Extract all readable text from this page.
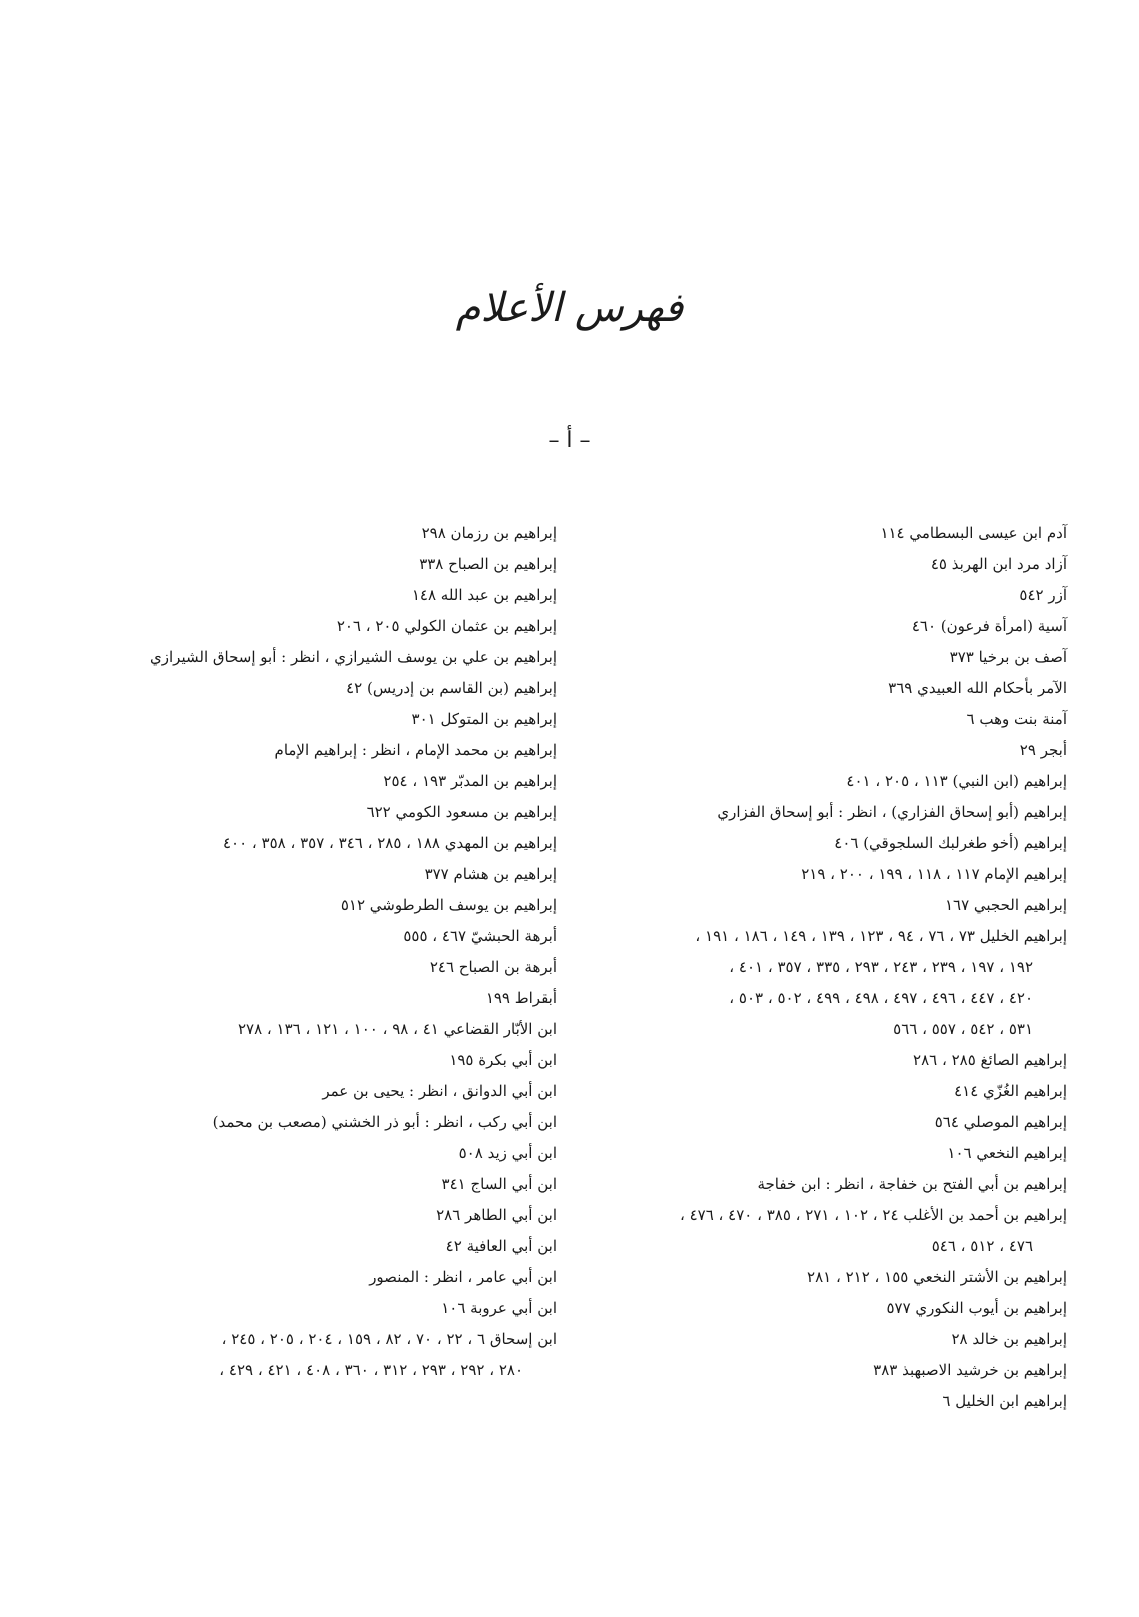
فهرس الأعلام
– أ –
آدم ابن عيسى البسطامي ١١٤
آزاد مرد ابن الهربذ ٤٥
آزر ٥٤٢
آسية (امرأة فرعون) ٤٦٠
آصف بن برخيا ٣٧٣
الآمر بأحكام الله العبيدي ٣٦٩
آمنة بنت وهب ٦
أبجر ٢٩
إبراهيم (ابن النبي) ١١٣ ، ٢٠٥ ، ٤٠١
إبراهيم (أبو إسحاق الفزاري) ، انظر : أبو إسحاق الفزاري
إبراهيم (أخو طغرلبك السلجوقي) ٤٠٦
إبراهيم الإمام ١١٧ ، ١١٨ ، ١٩٩ ، ٢٠٠ ، ٢١٩
إبراهيم الحجبي ١٦٧
إبراهيم الخليل ٧٣ ، ٧٦ ، ٩٤ ، ١٢٣ ، ١٣٩ ، ١٤٩ ، ١٨٦ ، ١٩١ ،
١٩٢ ، ١٩٧ ، ٢٣٩ ، ٢٤٣ ، ٢٩٣ ، ٣٣٥ ، ٣٥٧ ، ٤٠١ ،
٤٢٠ ، ٤٤٧ ، ٤٩٦ ، ٤٩٧ ، ٤٩٨ ، ٤٩٩ ، ٥٠٢ ، ٥٠٣ ،
٥٣١ ، ٥٤٢ ، ٥٥٧ ، ٥٦٦
إبراهيم الصائغ ٢٨٥ ، ٢٨٦
إبراهيم الغُزّي ٤١٤
إبراهيم الموصلي ٥٦٤
إبراهيم النخعي ١٠٦
إبراهيم بن أبي الفتح بن خفاجة ، انظر : ابن خفاجة
إبراهيم بن أحمد بن الأغلب ٢٤ ، ١٠٢ ، ٢٧١ ، ٣٨٥ ، ٤٧٠ ، ٤٧٦ ،
٤٧٦ ، ٥١٢ ، ٥٤٦
إبراهيم بن الأشتر النخعي ١٥٥ ، ٢١٢ ، ٢٨١
إبراهيم بن أيوب النكوري ٥٧٧
إبراهيم بن خالد ٢٨
إبراهيم بن خرشيد الاصبهبذ ٣٨٣
إبراهيم ابن الخليل ٦
إبراهيم بن رزمان ٢٩٨
إبراهيم بن الصباح ٣٣٨
إبراهيم بن عبد الله ١٤٨
إبراهيم بن عثمان الكولي ٢٠٥ ، ٢٠٦
إبراهيم بن علي بن يوسف الشيرازي ، انظر : أبو إسحاق الشيرازي
إبراهيم (بن القاسم بن إدريس) ٤٢
إبراهيم بن المتوكل ٣٠١
إبراهيم بن محمد الإمام ، انظر : إبراهيم الإمام
إبراهيم بن المدبّر ١٩٣ ، ٢٥٤
إبراهيم بن مسعود الكومي ٦٢٢
إبراهيم بن المهدي ١٨٨ ، ٢٨٥ ، ٣٤٦ ، ٣٥٧ ، ٣٥٨ ، ٤٠٠
إبراهيم بن هشام ٣٧٧
إبراهيم بن يوسف الطرطوشي ٥١٢
أبرهة الحبشيّ ٤٦٧ ، ٥٥٥
أبرهة بن الصباح ٢٤٦
أبقراط ١٩٩
ابن الأبّار القضاعي ٤١ ، ٩٨ ، ١٠٠ ، ١٢١ ، ١٣٦ ، ٢٧٨
ابن أبي بكرة ١٩٥
ابن أبي الدوانق ، انظر : يحيى بن عمر
ابن أبي ركب ، انظر : أبو ذر الخشني (مصعب بن محمد)
ابن أبي زيد ٥٠٨
ابن أبي الساج ٣٤١
ابن أبي الطاهر ٢٨٦
ابن أبي العافية ٤٢
ابن أبي عامر ، انظر : المنصور
ابن أبي عروبة ١٠٦
ابن إسحاق ٦ ، ٢٢ ، ٧٠ ، ٨٢ ، ١٥٩ ، ٢٠٤ ، ٢٠٥ ، ٢٤٥ ،
٢٨٠ ، ٢٩٢ ، ٢٩٣ ، ٣١٢ ، ٣٦٠ ، ٤٠٨ ، ٤٢١ ، ٤٢٩ ،
